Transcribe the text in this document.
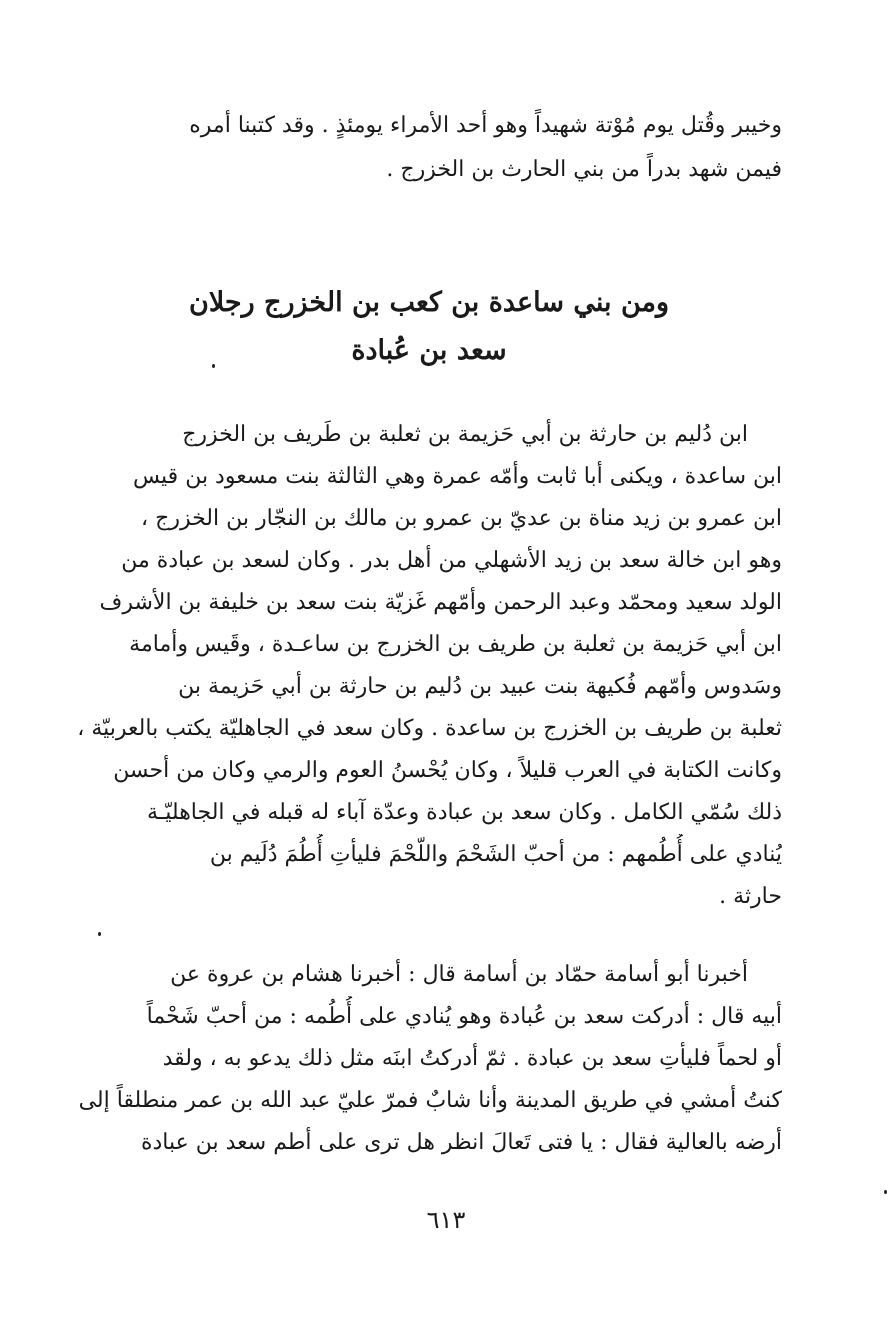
وخيبر وقُتل يوم مُوْتة شهيداً وهو أحد الأمراء يومئذٍ . وقد كتبنا أمره
فيمن شهد بدراً من بني الحارث بن الخزرج .
ومن بني ساعدة بن كعب بن الخزرج رجلان
سعد بن عُبادة
ابن دُليم بن حارثة بن أبي حَزيمة بن ثعلبة بن طَريف بن الخزرج
ابن ساعدة ، ويكنى أبا ثابت وأمّه عمرة وهي الثالثة بنت مسعود بن قيس
ابن عمرو بن زيد مناة بن عديّ بن عمرو بن مالك بن النجّار بن الخزرج ،
وهو ابن خالة سعد بن زيد الأشهلي من أهل بدر . وكان لسعد بن عبادة من
الولد سعيد ومحمّد وعبد الرحمن وأمّهم غَزيّة بنت سعد بن خليفة بن الأشرف
ابن أبي حَزيمة بن ثعلبة بن طريف بن الخزرج بن ساعـدة ، وقَيس وأمامة
وسَدوس وأمّهم فُكيهة بنت عبيد بن دُليم بن حارثة بن أبي حَزيمة بن
ثعلبة بن طريف بن الخزرج بن ساعدة . وكان سعد في الجاهليّة يكتب بالعربيّة ،
وكانت الكتابة في العرب قليلاً ، وكان يُحْسنُ العوم والرمي وكان من أحسن
ذلك سُمّي الكامل . وكان سعد بن عبادة وعدّة آباء له قبله في الجاهليّـة
يُنادي على أُطُمهم : من أحبّ الشَحْمَ واللّحْمَ فليأتِ أُطُمَ دُلَيم بن
حارثة .
أخبرنا أبو أسامة حمّاد بن أسامة قال : أخبرنا هشام بن عروة عن
أبيه قال : أدركت سعد بن عُبادة وهو يُنادي على أُطُمه : من أحبّ شَحْماً
أو لحماً فليأتِ سعد بن عبادة . ثمّ أدركتُ ابنَه مثل ذلك يدعو به ، ولقد
كنتُ أمشي في طريق المدينة وأنا شابٌ فمرّ عليّ عبد الله بن عمر منطلقاً إلى
أرضه بالعالية فقال : يا فتى تَعالَ انظر هل ترى على أطم سعد بن عبادة
٦١٣
